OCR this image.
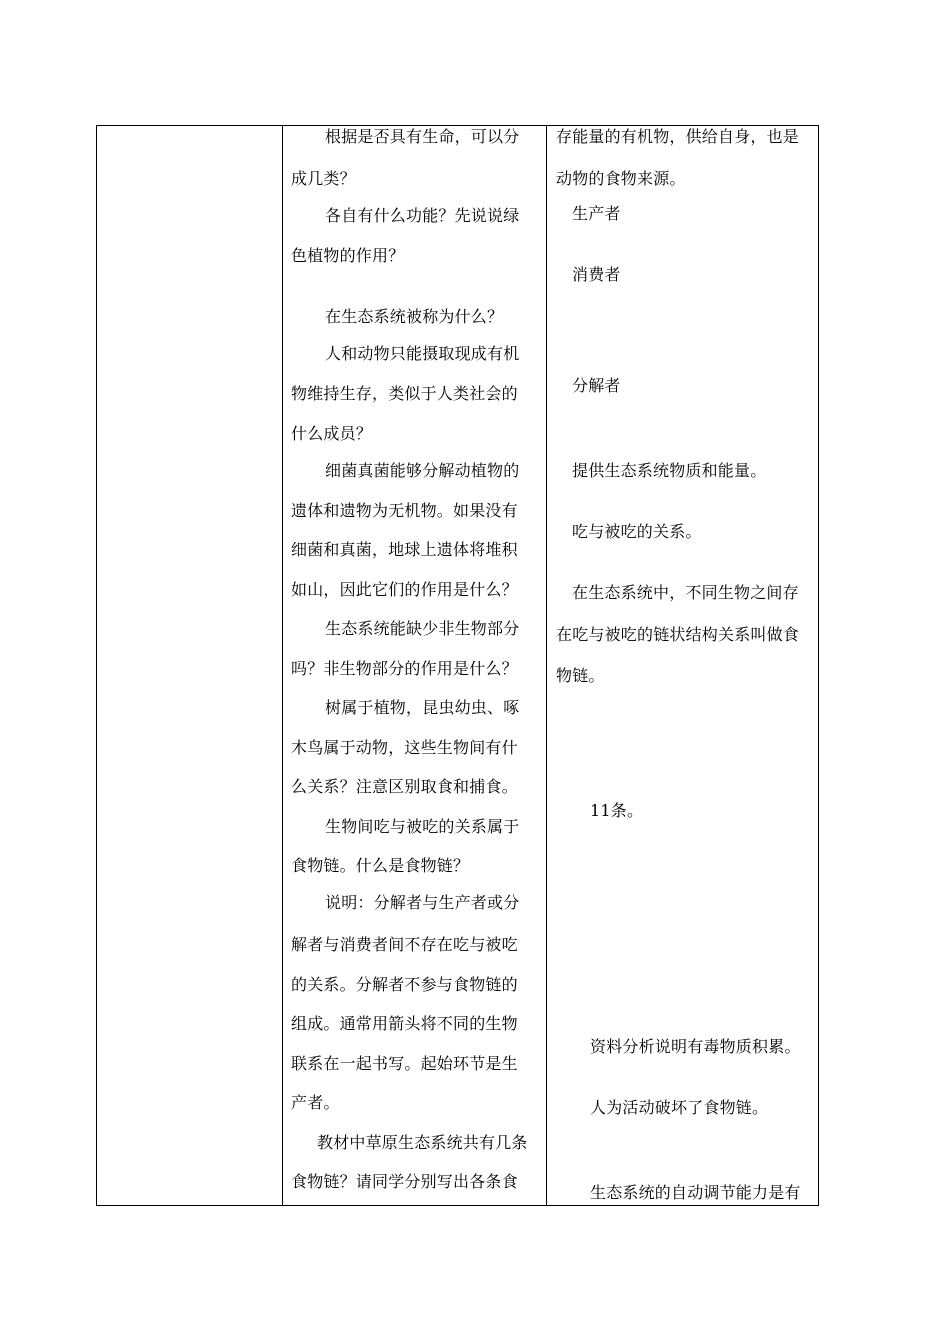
根据是否具有生命，可以分

成几类？

各自有什么功能？先说说绿

色植物的作用？

在生态系统被称为什么？

人和动物只能摄取现成有机

物维持生存，类似于人类社会的

什么成员？

细菌真菌能够分解动植物的

遗体和遗物为无机物。如果没有

细菌和真菌，地球上遗体将堆积

如山，因此它们的作用是什么？

生态系统能缺少非生物部分

吗？非生物部分的作用是什么？

树属于植物，昆虫幼虫、啄

木鸟属于动物，这些生物间有什

么关系？注意区别取食和捕食。

生物间吃与被吃的关系属于

食物链。什么是食物链？

说明：分解者与生产者或分

解者与消费者间不存在吃与被吃

的关系。分解者不参与食物链的

组成。通常用箭头将不同的生物

联系在一起书写。起始环节是生

产者。

教材中草原生态系统共有几条

食物链？请同学分别写出各条食

存能量的有机物，供给自身，也是

动物的食物来源。

生产者

消费者

分解者

提供生态系统物质和能量。

吃与被吃的关系。

在生态系统中，不同生物之间存

在吃与被吃的链状结构关系叫做食

物链。

11条。

资料分析说明有毒物质积累。

人为活动破坏了食物链。

生态系统的自动调节能力是有
